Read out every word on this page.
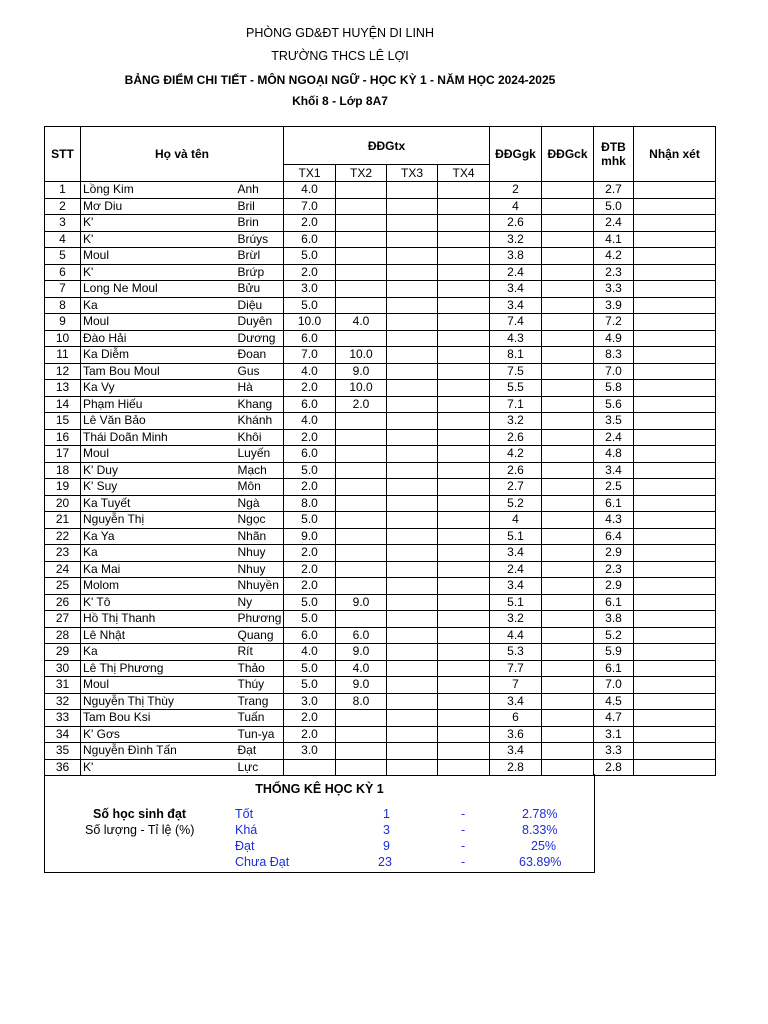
PHÒNG GD&ĐT HUYỆN DI LINH
TRƯỜNG THCS LÊ LỢI
BẢNG ĐIỂM CHI TIẾT - MÔN NGOẠI NGỮ - HỌC KỲ 1 - NĂM HỌC 2024-2025
Khối 8 - Lớp 8A7
STT	Họ và tên		ĐĐGtx				ĐĐGgk	ĐĐGck	ĐTB mhk	Nhận xét
			TX1	TX2	TX3	TX4				
1	Lồng Kim	Anh	4.0				2		2.7	
2	Mơ Diu	Bril	7.0				4		5.0	
3	K'	Brin	2.0				2.6		2.4	
4	K'	Brúys	6.0				3.2		4.1	
5	Moul	Brừl	5.0				3.8		4.2	
6	K'	Brứp	2.0				2.4		2.3	
7	Long Ne Moul	Bửu	3.0				3.4		3.3	
8	Ka	Diệu	5.0				3.4		3.9	
9	Moul	Duyên	10.0	4.0			7.4		7.2	
10	Đào Hải	Dương	6.0				4.3		4.9	
11	Ka Diễm	Đoan	7.0	10.0			8.1		8.3	
12	Tam Bou Moul	Gus	4.0	9.0			7.5		7.0	
13	Ka Vy	Hà	2.0	10.0			5.5		5.8	
14	Phạm Hiếu	Khang	6.0	2.0			7.1		5.6	
15	Lê Văn Bảo	Khánh	4.0				3.2		3.5	
16	Thái Doãn Minh	Khôi	2.0				2.6		2.4	
17	Moul	Luyến	6.0				4.2		4.8	
18	K' Duy	Mạch	5.0				2.6		3.4	
19	K' Suy	Môn	2.0				2.7		2.5	
20	Ka Tuyết	Ngà	8.0				5.2		6.1	
21	Nguyễn Thị	Ngọc	5.0				4		4.3	
22	Ka Ya	Nhãn	9.0				5.1		6.4	
23	Ka	Nhuy	2.0				3.4		2.9	
24	Ka Mai	Nhuy	2.0				2.4		2.3	
25	Molom	Nhuyền	2.0				3.4		2.9	
26	K' Tô	Ny	5.0	9.0			5.1		6.1	
27	Hồ Thị Thanh	Phương	5.0				3.2		3.8	
28	Lê Nhật	Quang	6.0	6.0			4.4		5.2	
29	Ka	Rít	4.0	9.0			5.3		5.9	
30	Lê Thị Phương	Thảo	5.0	4.0			7.7		6.1	
31	Moul	Thúy	5.0	9.0			7		7.0	
32	Nguyễn Thị Thùy	Trang	3.0	8.0			3.4		4.5	
33	Tam Bou Ksi	Tuấn	2.0				6		4.7	
34	K' Gơs	Tun-ya	2.0				3.6		3.1	
35	Nguyễn Đình Tấn	Đạt	3.0				3.4		3.3	
36	K'	Lực					2.8		2.8	
THỐNG KÊ HỌC KỲ 1
Số học sinh đạt
Số lượng - Tỉ lệ (%)
Tốt	1	-	2.78%
Khá	3	-	8.33%
Đạt	9	-	25%
Chưa Đạt	23	-	63.89%
